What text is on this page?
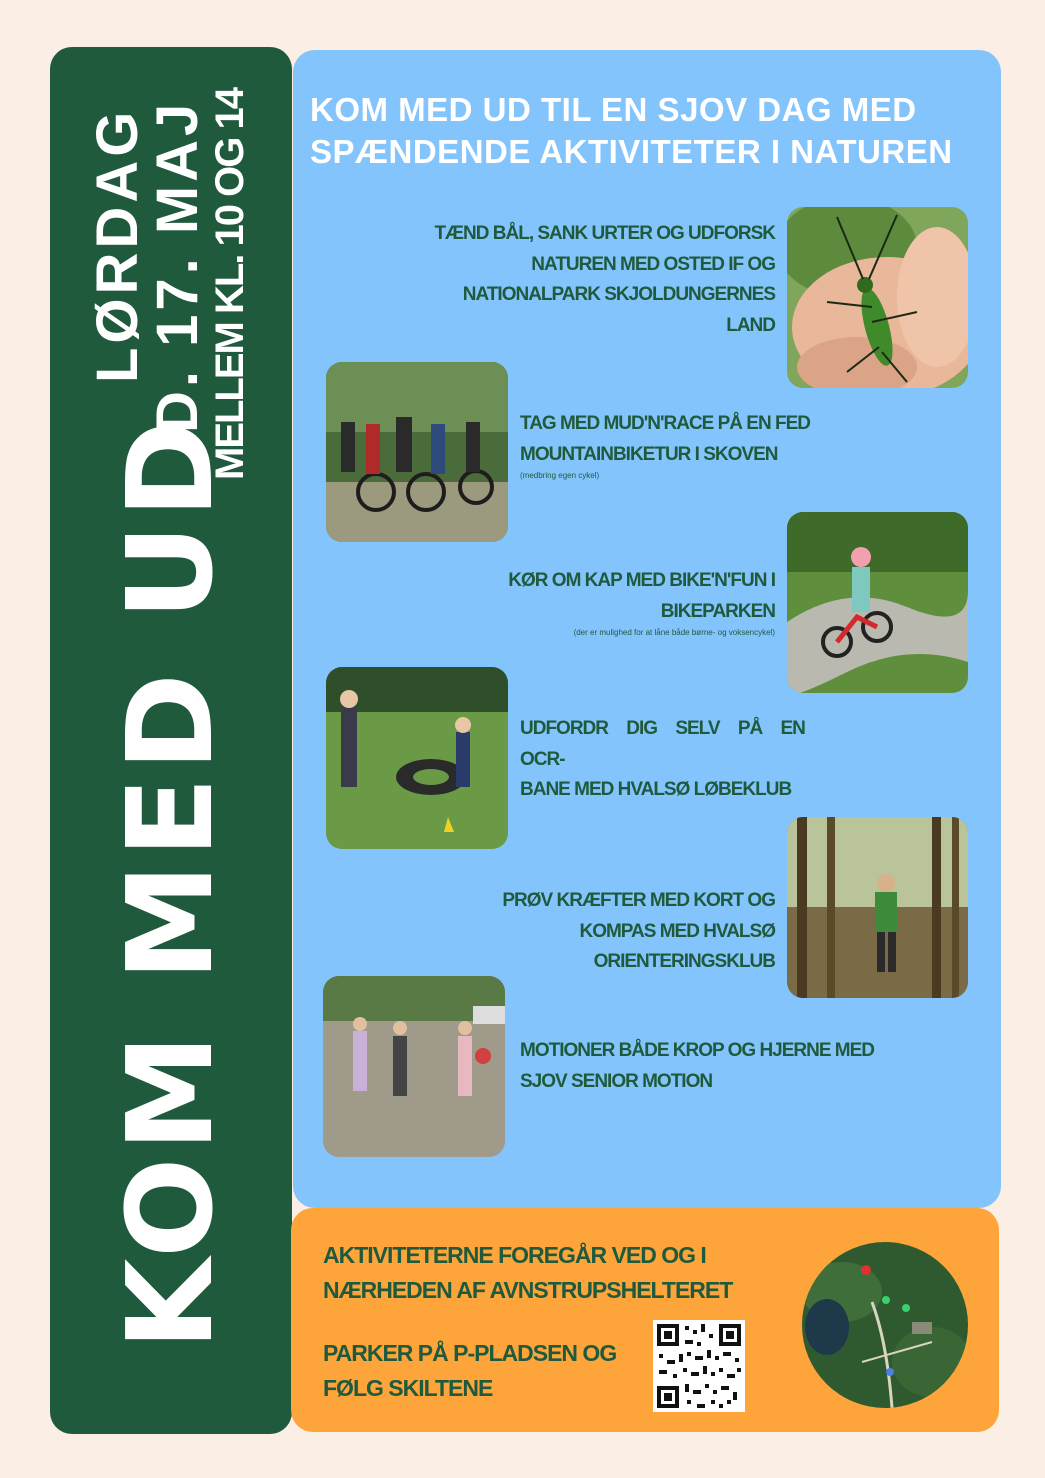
LØRDAG
D. 17. MAJ
MELLEM KL. 10 OG 14
KOM MED UD
KOM MED UD TIL EN SJOV DAG MED
SPÆNDENDE AKTIVITETER I NATUREN
TÆND BÅL, SANK URTER OG UDFORSK
NATUREN MED OSTED IF OG
NATIONALPARK SKJOLDUNGERNES
LAND
TAG MED MUD'N'RACE PÅ EN FED
MOUNTAINBIKETUR I SKOVEN
(medbring egen cykel)
KØR OM KAP MED BIKE'N'FUN I
BIKEPARKEN
(der er mulighed for at låne både børne- og voksencykel)
UDFORDR DIG SELV PÅ EN OCR-
BANE MED HVALSØ LØBEKLUB
PRØV KRÆFTER MED KORT OG
KOMPAS MED HVALSØ
ORIENTERINGSKLUB
MOTIONER BÅDE KROP OG HJERNE MED
SJOV SENIOR MOTION
AKTIVITETERNE FOREGÅR VED OG I
NÆRHEDEN AF AVNSTRUPSHELTERET
PARKER PÅ P-PLADSEN OG
FØLG SKILTENE
